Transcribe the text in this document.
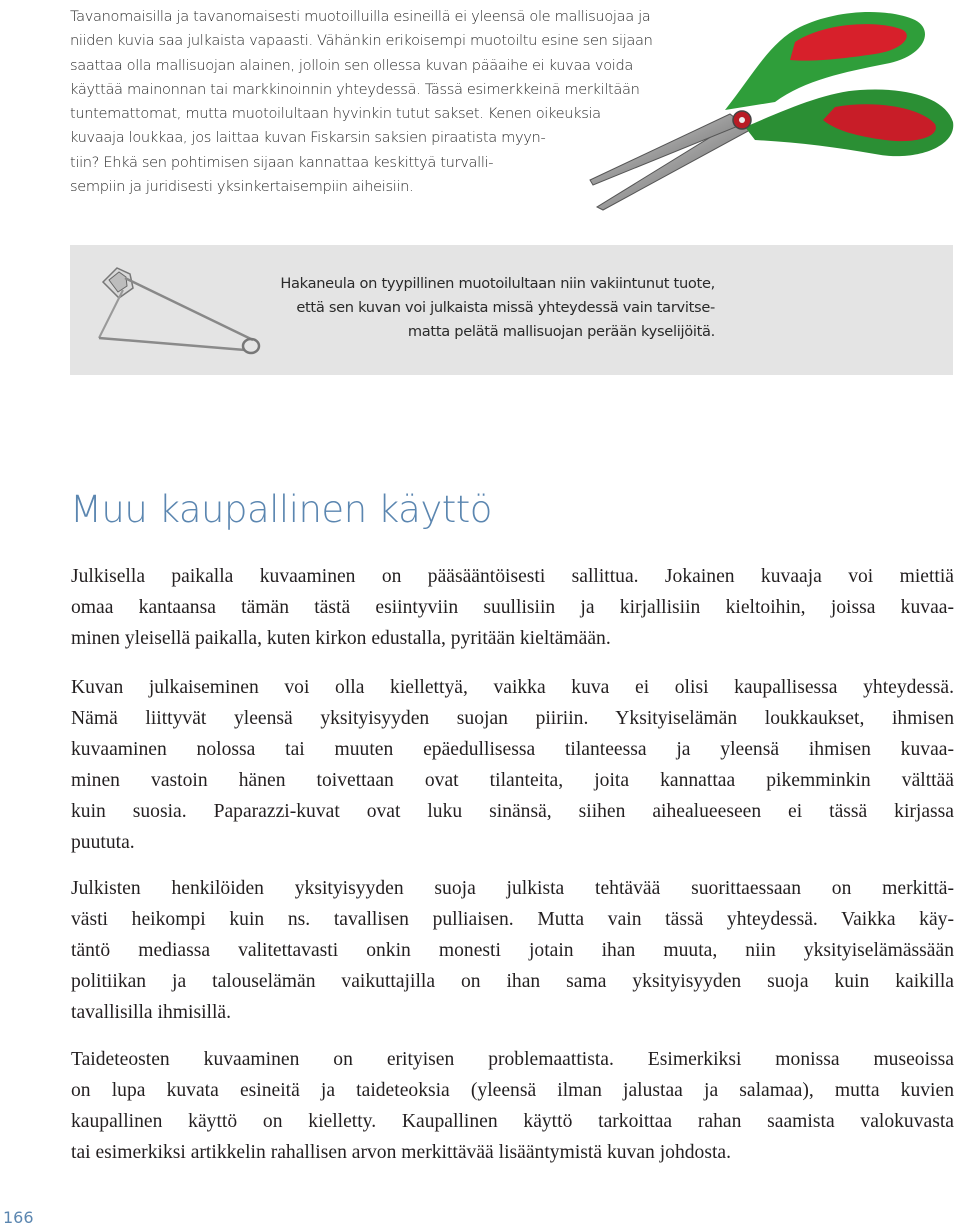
Tavanomaisilla ja tavanomaisesti muotoilluilla esineillä ei yleensä ole mallisuojaa ja
niiden kuvia saa julkaista vapaasti. Vähänkin erikoisempi muotoiltu esine sen sijaan
saattaa olla mallisuojan alainen, jolloin sen ollessa kuvan pääaihe ei kuvaa voida
käyttää mainonnan tai markkinoinnin yhteydessä. Tässä esimerkkeinä merkiltään
tuntemattomat, mutta muotoilultaan hyvinkin tutut sakset. Kenen oikeuksia
kuvaaja loukkaa, jos laittaa kuvan Fiskarsin saksien piraatista myyn-
tiin? Ehkä sen pohtimisen sijaan kannattaa keskittyä turvalli-
sempiin ja juridisesti yksinkertaisempiin aiheisiin.
Hakaneula on tyypillinen muotoilultaan niin vakiintunut tuote,
että sen kuvan voi julkaista missä yhteydessä vain tarvitse-
matta pelätä mallisuojan perään kyselijöitä.
Muu kaupallinen käyttö
Julkisella paikalla kuvaaminen on pääsääntöisesti sallittua. Jokainen kuvaaja voi miettiä
omaa kantaansa tämän tästä esiintyviin suullisiin ja kirjallisiin kieltoihin, joissa kuvaa-
minen yleisellä paikalla, kuten kirkon edustalla, pyritään kieltämään.
Kuvan julkaiseminen voi olla kiellettyä, vaikka kuva ei olisi kaupallisessa yhteydessä.
Nämä liittyvät yleensä yksityisyyden suojan piiriin. Yksityiselämän loukkaukset, ihmisen
kuvaaminen nolossa tai muuten epäedullisessa tilanteessa ja yleensä ihmisen kuvaa-
minen vastoin hänen toivettaan ovat tilanteita, joita kannattaa pikemminkin välttää
kuin suosia. Paparazzi-kuvat ovat luku sinänsä, siihen aihealueeseen ei tässä kirjassa
puututa.
Julkisten henkilöiden yksityisyyden suoja julkista tehtävää suorittaessaan on merkittä-
västi heikompi kuin ns. tavallisen pulliaisen. Mutta vain tässä yhteydessä. Vaikka käy-
täntö mediassa valitettavasti onkin monesti jotain ihan muuta, niin yksityiselämässään
politiikan ja talouselämän vaikuttajilla on ihan sama yksityisyyden suoja kuin kaikilla
tavallisilla ihmisillä.
Taideteosten kuvaaminen on erityisen problemaattista. Esimerkiksi monissa museoissa
on lupa kuvata esineitä ja taideteoksia (yleensä ilman jalustaa ja salamaa), mutta kuvien
kaupallinen käyttö on kielletty. Kaupallinen käyttö tarkoittaa rahan saamista valokuvasta
tai esimerkiksi artikkelin rahallisen arvon merkittävää lisääntymistä kuvan johdosta.
166
